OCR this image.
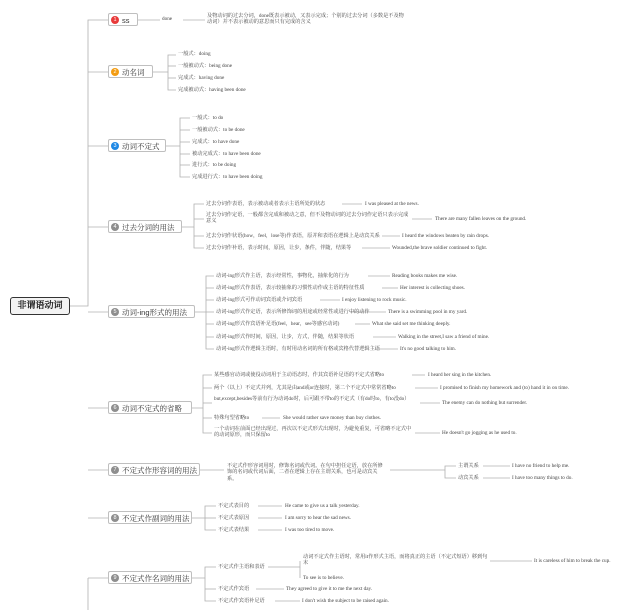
非谓语动词
1 ss	done	及物动词的过去分词，done既表示被动，又表示完成；个别的过去分词（多数是不及物动词）并不表示被动的意思而只有完成的含义
2 动名词
一般式：doing
一般被动式：being done
完成式：having done
完成被动式：having been done
3 动词不定式
一般式：to do
一般被动式：to be done
完成式：to have done
被动完成式：to have been done
进行式：to be doing
完成进行式：to have been doing
4 过去分词的用法
过去分词作表语，表示被动或者表示主语所处的状态
过去分词作定语，一般都含完成和被动之意，但不及物动词的过去分词作定语只表示完成意义
过去分词作状语(how，feel，lose等)作表语，原并和表语在逻辑上是动宾关系
过去分词作补语，表示时间，原因，让步，条件，伴随，结果等
I was pleased at the news.
There are many fallen leaves on the ground.
I heard the windows beaten by rain drops.
Wounded,the brave soldier continued to fight.
5 动词-ing形式的用法
动词-ing形式作主语，表示经常性，事物化，抽象化的行为
动词-ing形式作表语，表示较抽象的习惯性动作或主语的特征性质
动词-ing形式可作动词宾语或介词宾语
动词-ing形式作定语，表示所修饰词的用途或经常性或进行中的动作
动词-ing形式作宾语补足语(feel，hear，see等感官动词)
动词-ing形式作时间，原因，让步，方式，伴随，结果等状语
动词-ing形式作逻辑主语时，有时用动名词的所有格或宾格代替逻辑主语
Reading books makes me wise.
Her interest is collecting shoes.
I enjoy listening to rock music.
There is a swimming pool in my yard.
What she said set me thinking deeply.
Walking in the street,I saw a friend of mine.
It's no good talking to him.
6 动词不定式的省略
某些感官动词或使役动词用于主动语态时，作其宾语补足语的不定式省略to
两个（以上）不定式并列，尤其是由and或or连接时，第二个不定式中常常省略to
but,except,besides等前有行为动词do时，后可跟不带to的不定式（有do时to，有to没do）
特殊句型省略to
一个动词在前面已经出现过，再次以不定式形式出现时，为避免重复，可省略不定式中的动词原形，而只保留to
I heard her sing in the kitchen.
I promised to finish my homework and (to) hand it in on time.
The enemy can do nothing but surrender.
She would rather save money than buy clothes.
He doesn't go jogging as he used to.
7 不定式作形容词的用法	不定式作形容词用时，修饰名词或代词。在句中担任定语，放在所修饰的名词或代词后面，二者在逻辑上存在主谓关系，也可是动宾关系。
主谓关系
动宾关系
I have no friend to help me.
I have too many things to do.
8 不定式作副词的用法
不定式表目的
不定式表原因
不定式表结果
He came to give us a talk yesterday.
I am sorry to hear the sad news.
I was too tired to move.
9 不定式作名词的用法
不定式作主语和表语
不定式作宾语
不定式作宾语补足语
动词不定式作主语时，常用it作形式主语，而将真正的主语（不定式短语）移到句末	It is careless of him to break the cup.
To see is to believe.
They agreed to give it to me the next day.
I don't wish the subject to be raised again.
